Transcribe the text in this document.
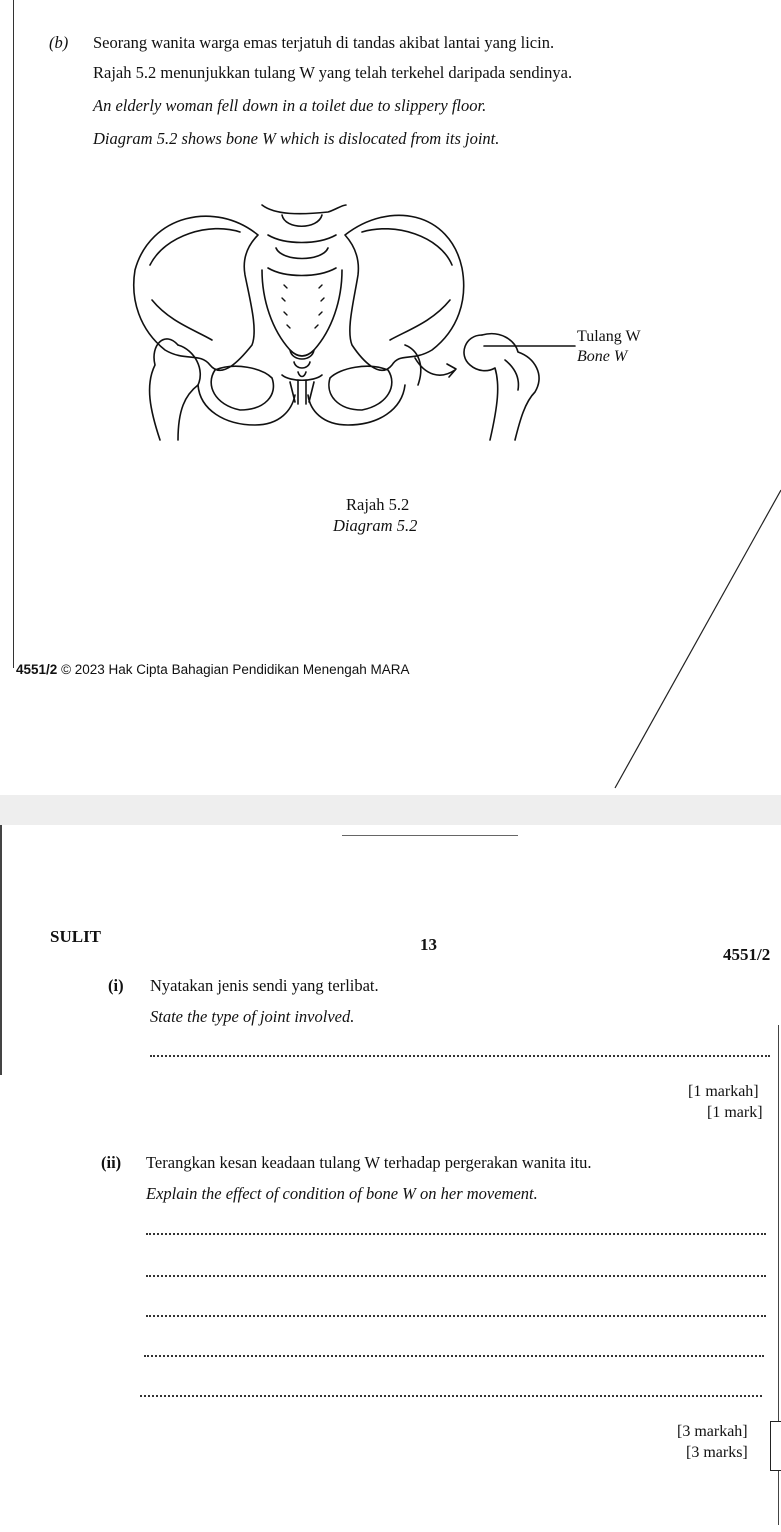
(b) Seorang wanita warga emas terjatuh di tandas akibat lantai yang licin.
Rajah 5.2 menunjukkan tulang W yang telah terkehel daripada sendinya.
An elderly woman fell down in a toilet due to slippery floor.
Diagram 5.2 shows bone W which is dislocated from its joint.
Tulang W
Bone W
Rajah 5.2
Diagram 5.2
4551/2 © 2023 Hak Cipta Bahagian Pendidikan Menengah MARA
SULIT	13
4551/2
(i) Nyatakan jenis sendi yang terlibat.
State the type of joint involved.
[1 markah]
[1 mark]
(ii) Terangkan kesan keadaan tulang W terhadap pergerakan wanita itu.
Explain the effect of condition of bone W on her movement.
[3 markah]
[3 marks]
